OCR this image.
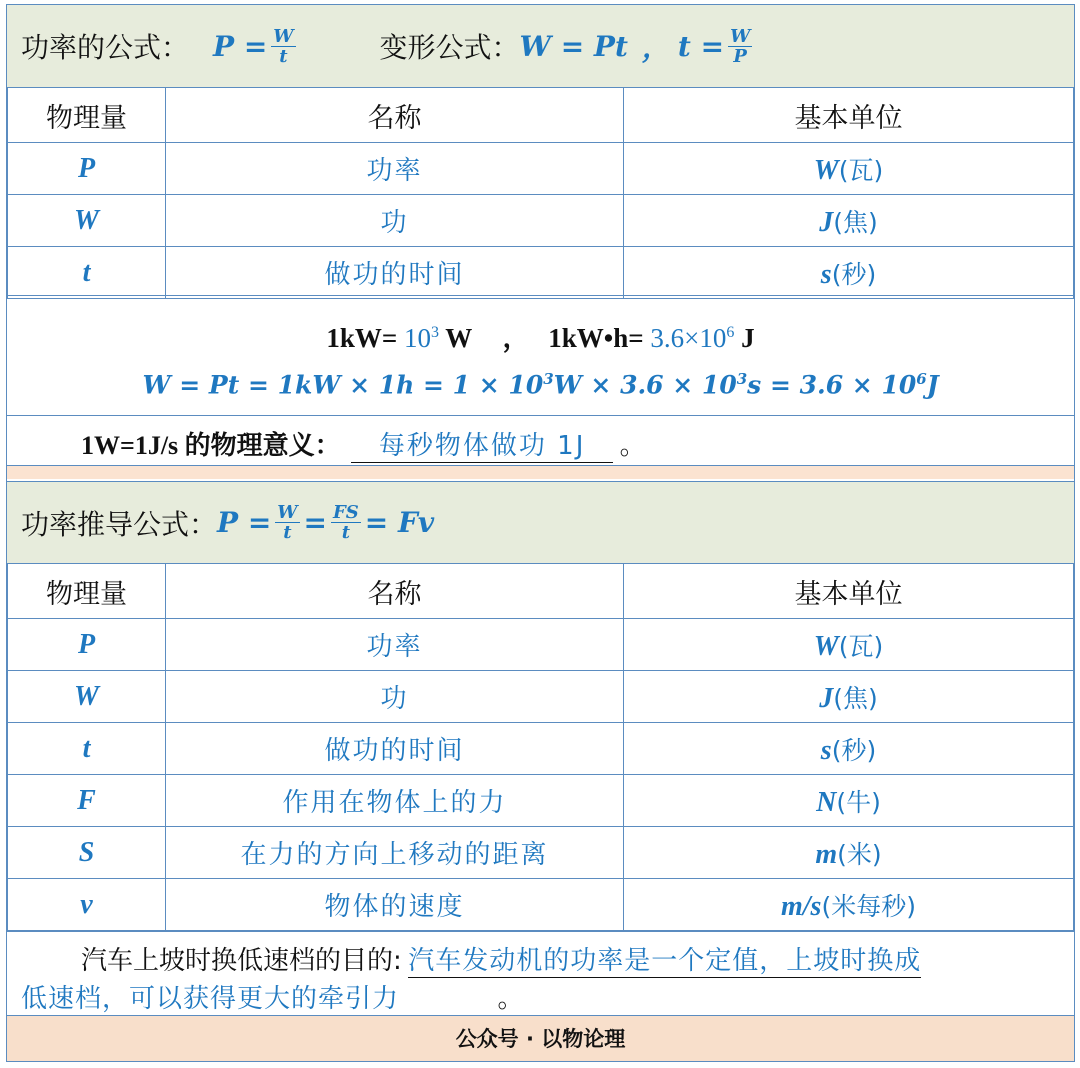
功率的公式： $P = \frac{W}{t}$	变形公式： W = Pt ， $t = \frac{W}{P}$
物理量	名称	基本单位
P	功率	W(瓦)
W	功	J(焦)
t	做功的时间	s(秒)
$1kW= 10^3$ W ， 1kW•h= $3.6\times 10^6$ J
$W = Pt = 1kW \times 1h = 1 \times 10^3W \times 3.6 \times 10^3s = 3.6 \times 10^6J$
1W=1J/s 的物理意义： 每秒物体做功 1J 。
功率推导公式： $P = \frac{W}{t} = \frac{FS}{t} = Fv$
物理量	名称	基本单位
P	功率	W(瓦)
W	功	J(焦)
t	做功的时间	s(秒)
F	作用在物体上的力	N(牛)
S	在力的方向上移动的距离	m(米)
v	物体的速度	m/s(米每秒)
汽车上坡时换低速档的目的: 汽车发动机的功率是一个定值，上坡时换成
低速档，可以获得更大的牵引力	。
公众号 · 以物论理
